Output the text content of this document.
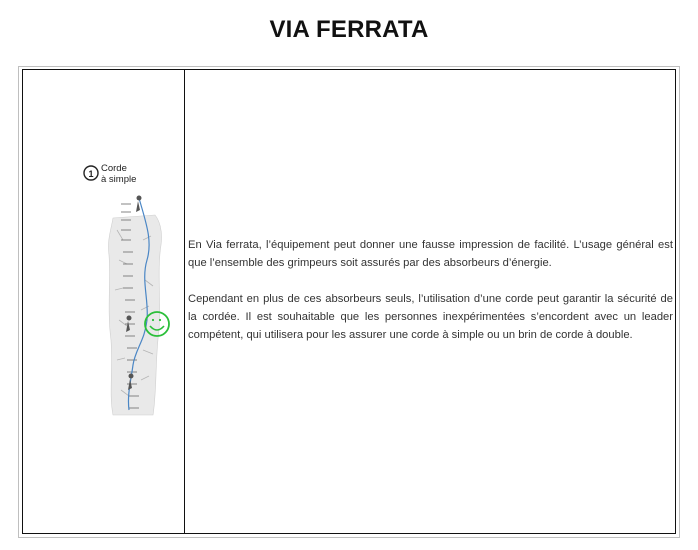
VIA FERRATA
1 Corde
à simple

En Via ferrata, l’équipement peut donner une fausse impression de facilité. L’usage général est que l’ensemble des grimpeurs soit assurés par des absorbeurs d’énergie.

Cependant en plus de ces absorbeurs seuls, l’utilisation d’une corde peut garantir la sécurité de la cordée. Il est souhaitable que les personnes inexpérimentées s’encordent avec un leader compétent, qui utilisera pour les assurer une corde à simple ou un brin de corde à double.
